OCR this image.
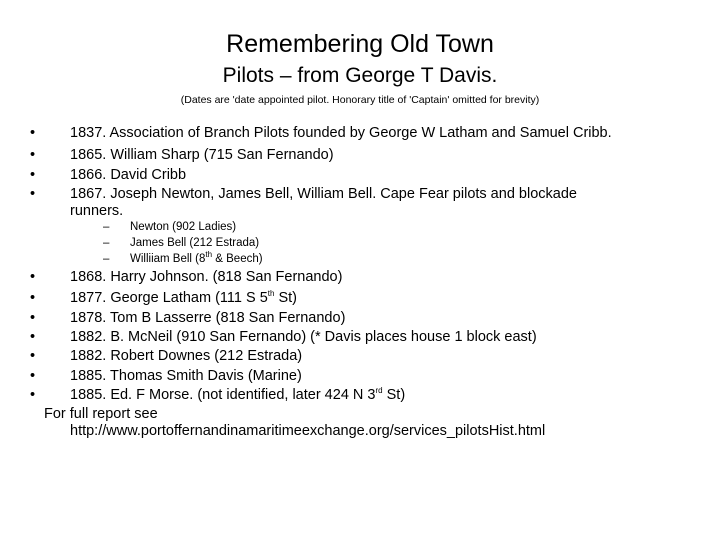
Remembering Old Town
Pilots – from George T Davis.
(Dates are 'date appointed pilot. Honorary title of 'Captain' omitted for brevity)
• 1837. Association of Branch Pilots founded by George W Latham and Samuel Cribb.
• 1865. William Sharp (715 San Fernando)
• 1866. David Cribb
• 1867. Joseph Newton, James Bell, William Bell. Cape Fear pilots and blockade
runners.
– Newton (902 Ladies)
– James Bell (212 Estrada)
– Williiam Bell (8th & Beech)
• 1868. Harry Johnson. (818 San Fernando)
• 1877. George Latham (111 S 5th St)
• 1878. Tom B Lasserre (818 San Fernando)
• 1882. B. McNeil (910 San Fernando) (* Davis places house 1 block east)
• 1882. Robert Downes (212 Estrada)
• 1885. Thomas Smith Davis (Marine)
• 1885. Ed. F Morse. (not identified, later 424 N 3rd St)
For full report see
http://www.portoffernandinamaritimeexchange.org/services_pilotsHist.html
